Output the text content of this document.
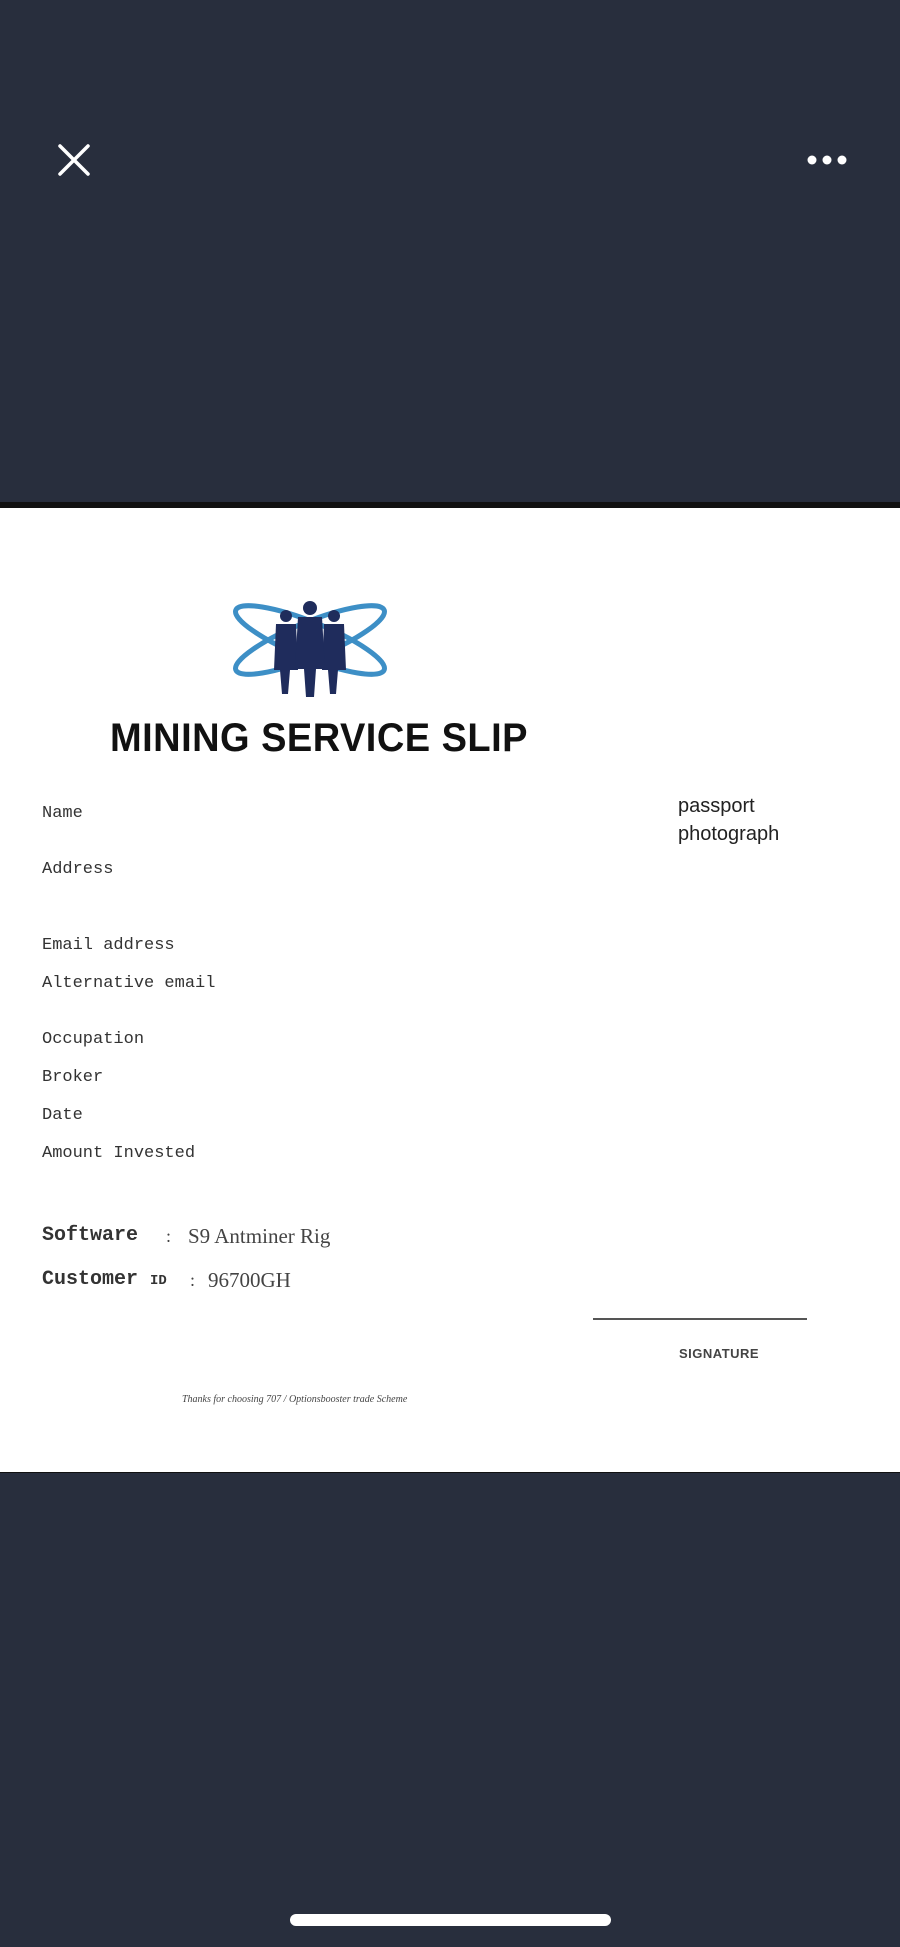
MINING SERVICE SLIP
Name
Address
Email address
Alternative email
Occupation
Broker
Date
Amount Invested
passport
photograph
Software : S9 Antminer Rig
Customer ID : 96700GH
SIGNATURE
Thanks for choosing 707 / Optionsbooster trade Scheme
